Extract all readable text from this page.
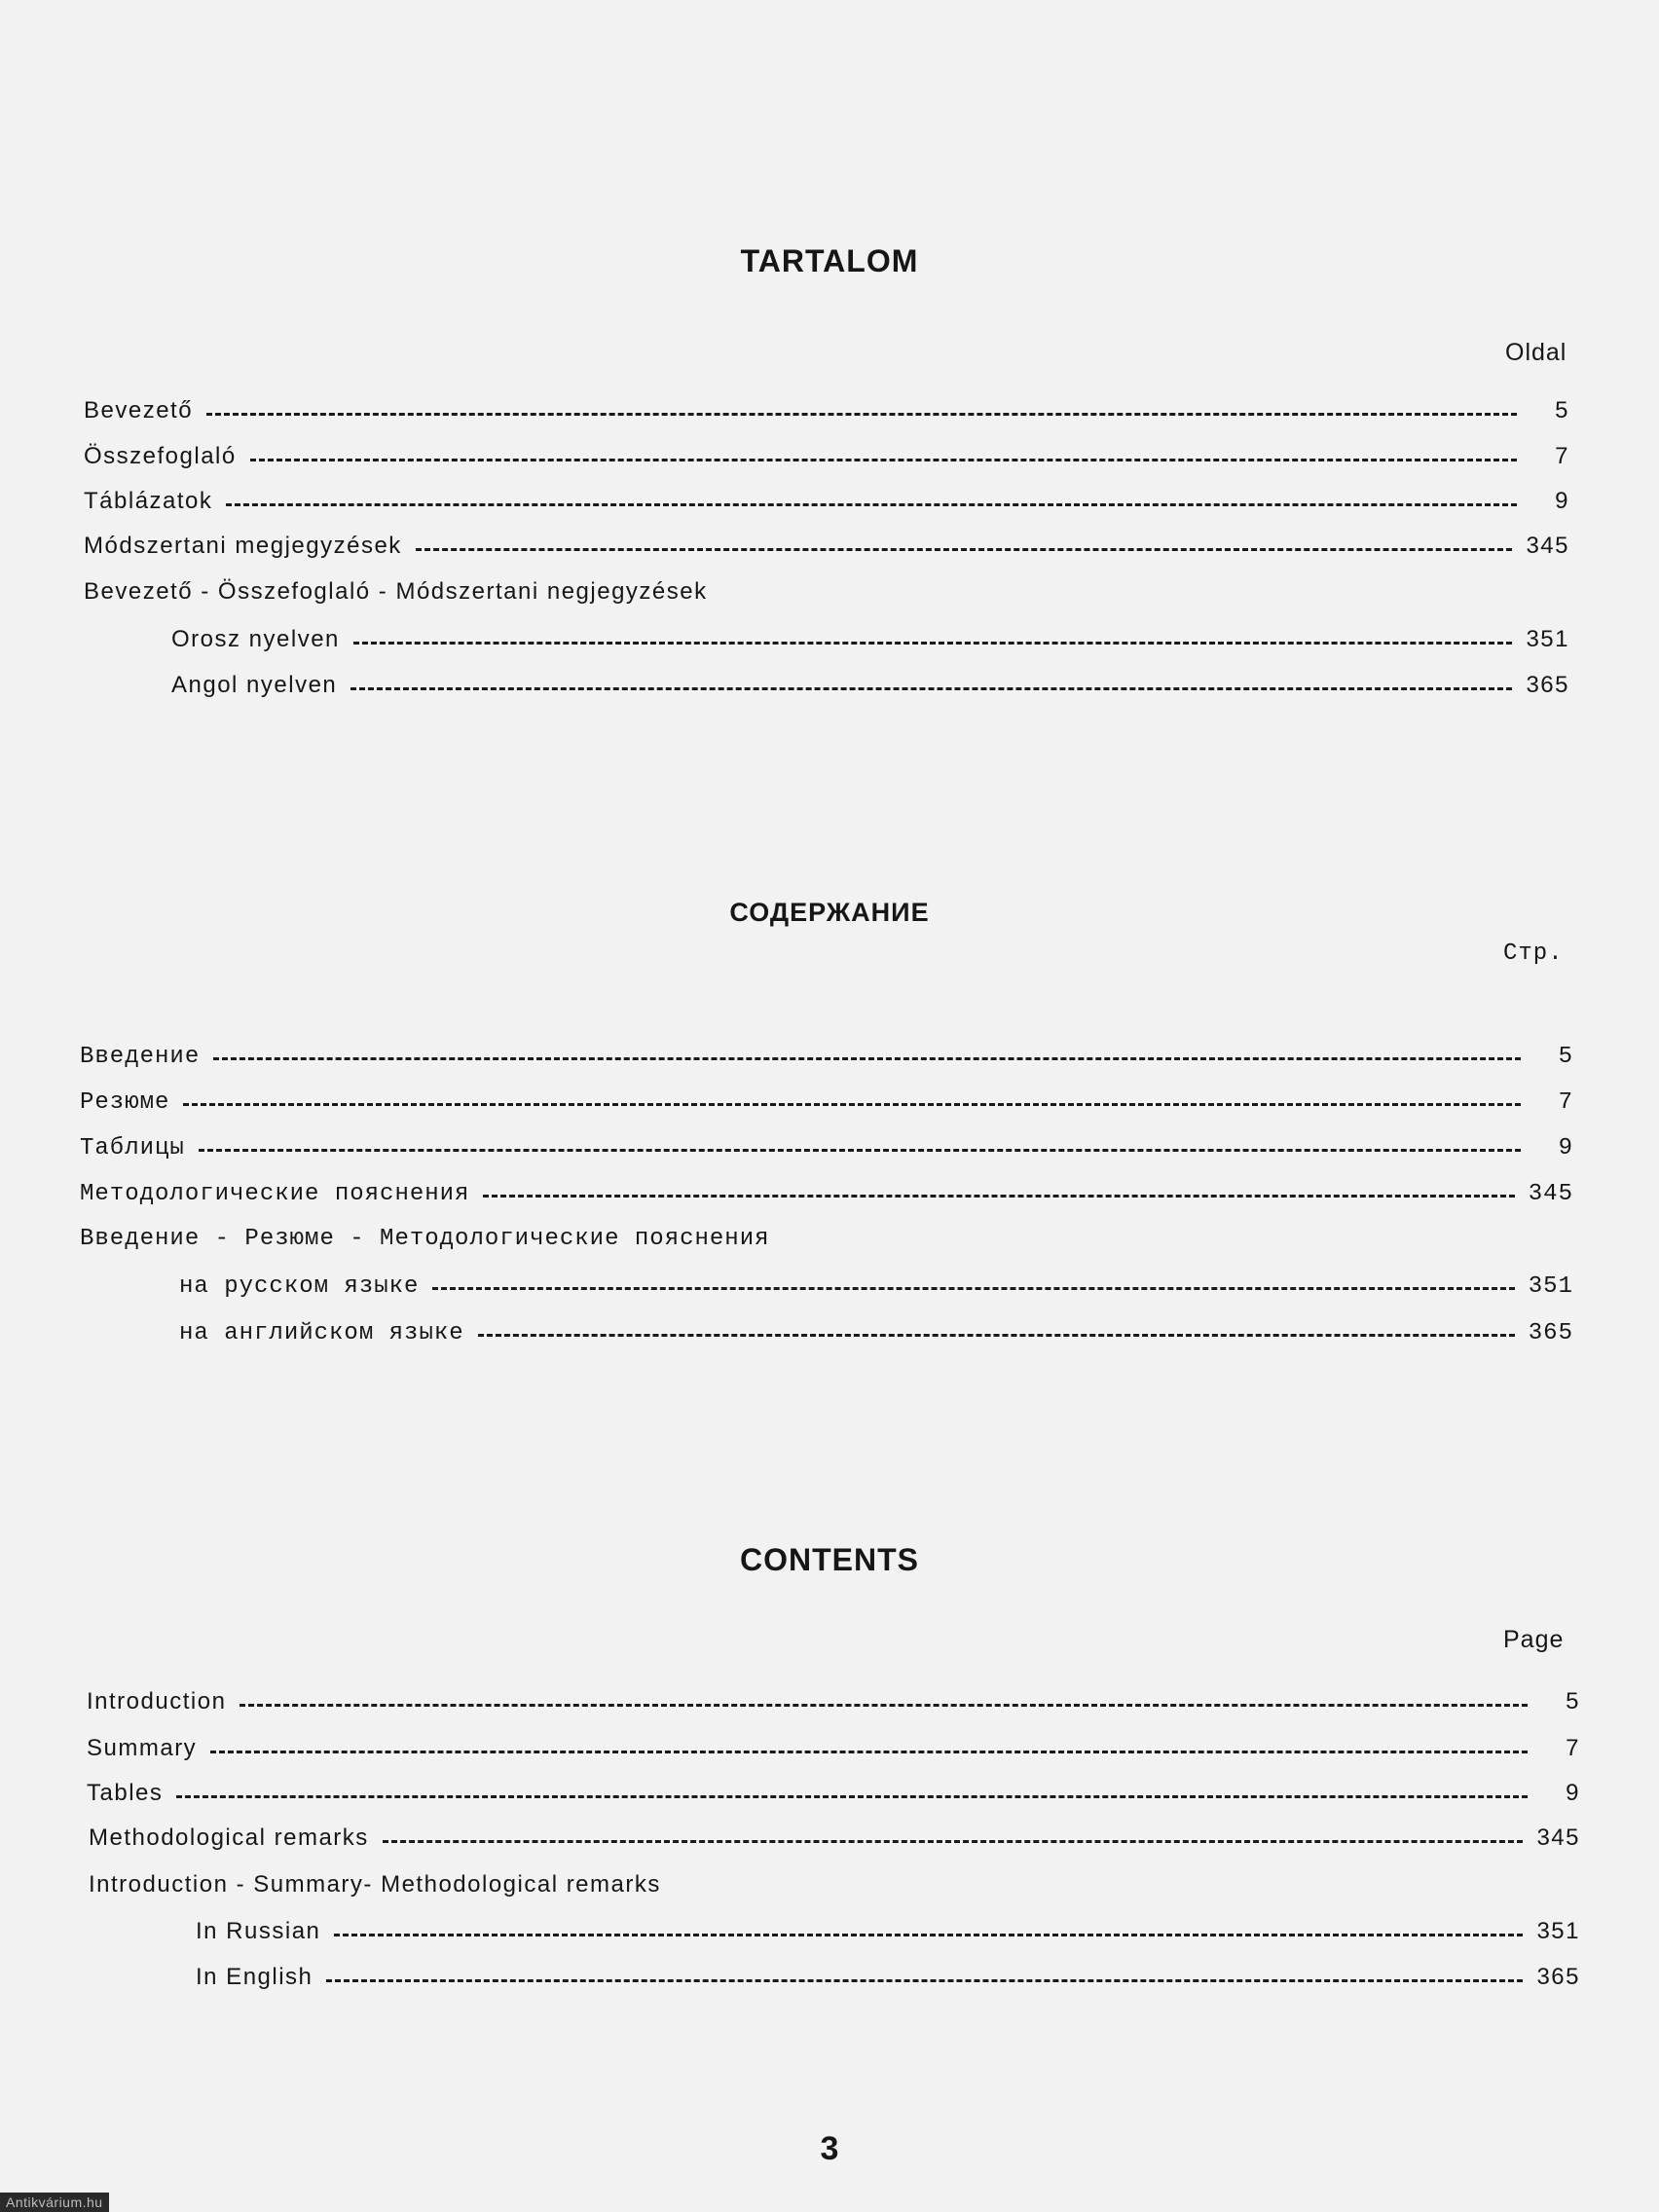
TARTALOM
Oldal
Bevezető	5
Összefoglaló	7
Táblázatok	9
Módszertani megjegyzések	345
Bevezető - Összefoglaló - Módszertani negjegyzések
Orosz nyelven	351
Angol nyelven	365
СОДЕРЖАНИЕ
Стр.
Введение	5
Резюме	7
Таблицы	9
Методологические пояснения	345
Введение - Резюме - Методологические пояснения
на русском языке	351
на английском языке	365
CONTENTS
Page
Introduction	5
Summary	7
Tables	9
Methodological remarks	345
Introduction - Summary- Methodological remarks
In Russian	351
In English	365
3
Antikvárium.hu
